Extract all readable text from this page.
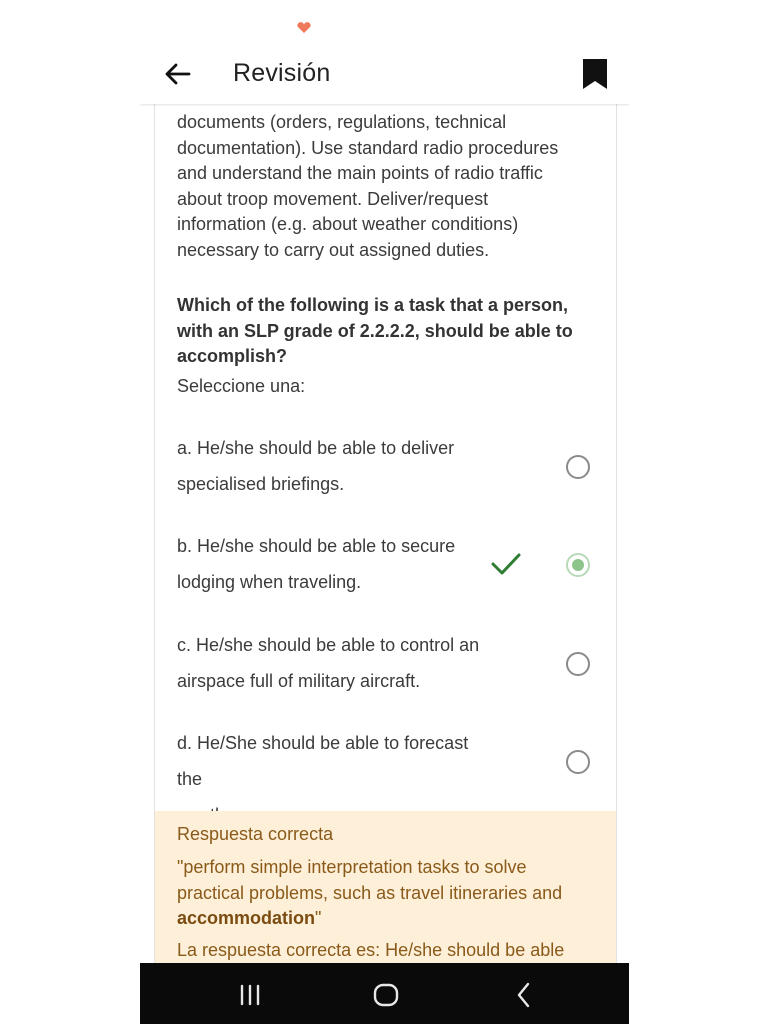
Revisión
documents (orders, regulations, technical
documentation). Use standard radio procedures
and understand the main points of radio traffic
about troop movement. Deliver/request
information (e.g. about weather conditions)
necessary to carry out assigned duties.
Which of the following is a task that a person,
with an SLP grade of 2.2.2.2, should be able to
accomplish?
Seleccione una:
a. He/she should be able to deliver
specialised briefings.
b. He/she should be able to secure
lodging when traveling.
c. He/she should be able to control an
airspace full of military aircraft.
d. He/She should be able to forecast the

Respuesta correcta
"perform simple interpretation tasks to solve practical problems, such as travel itineraries and accommodation"
La respuesta correcta es: He/she should be able
